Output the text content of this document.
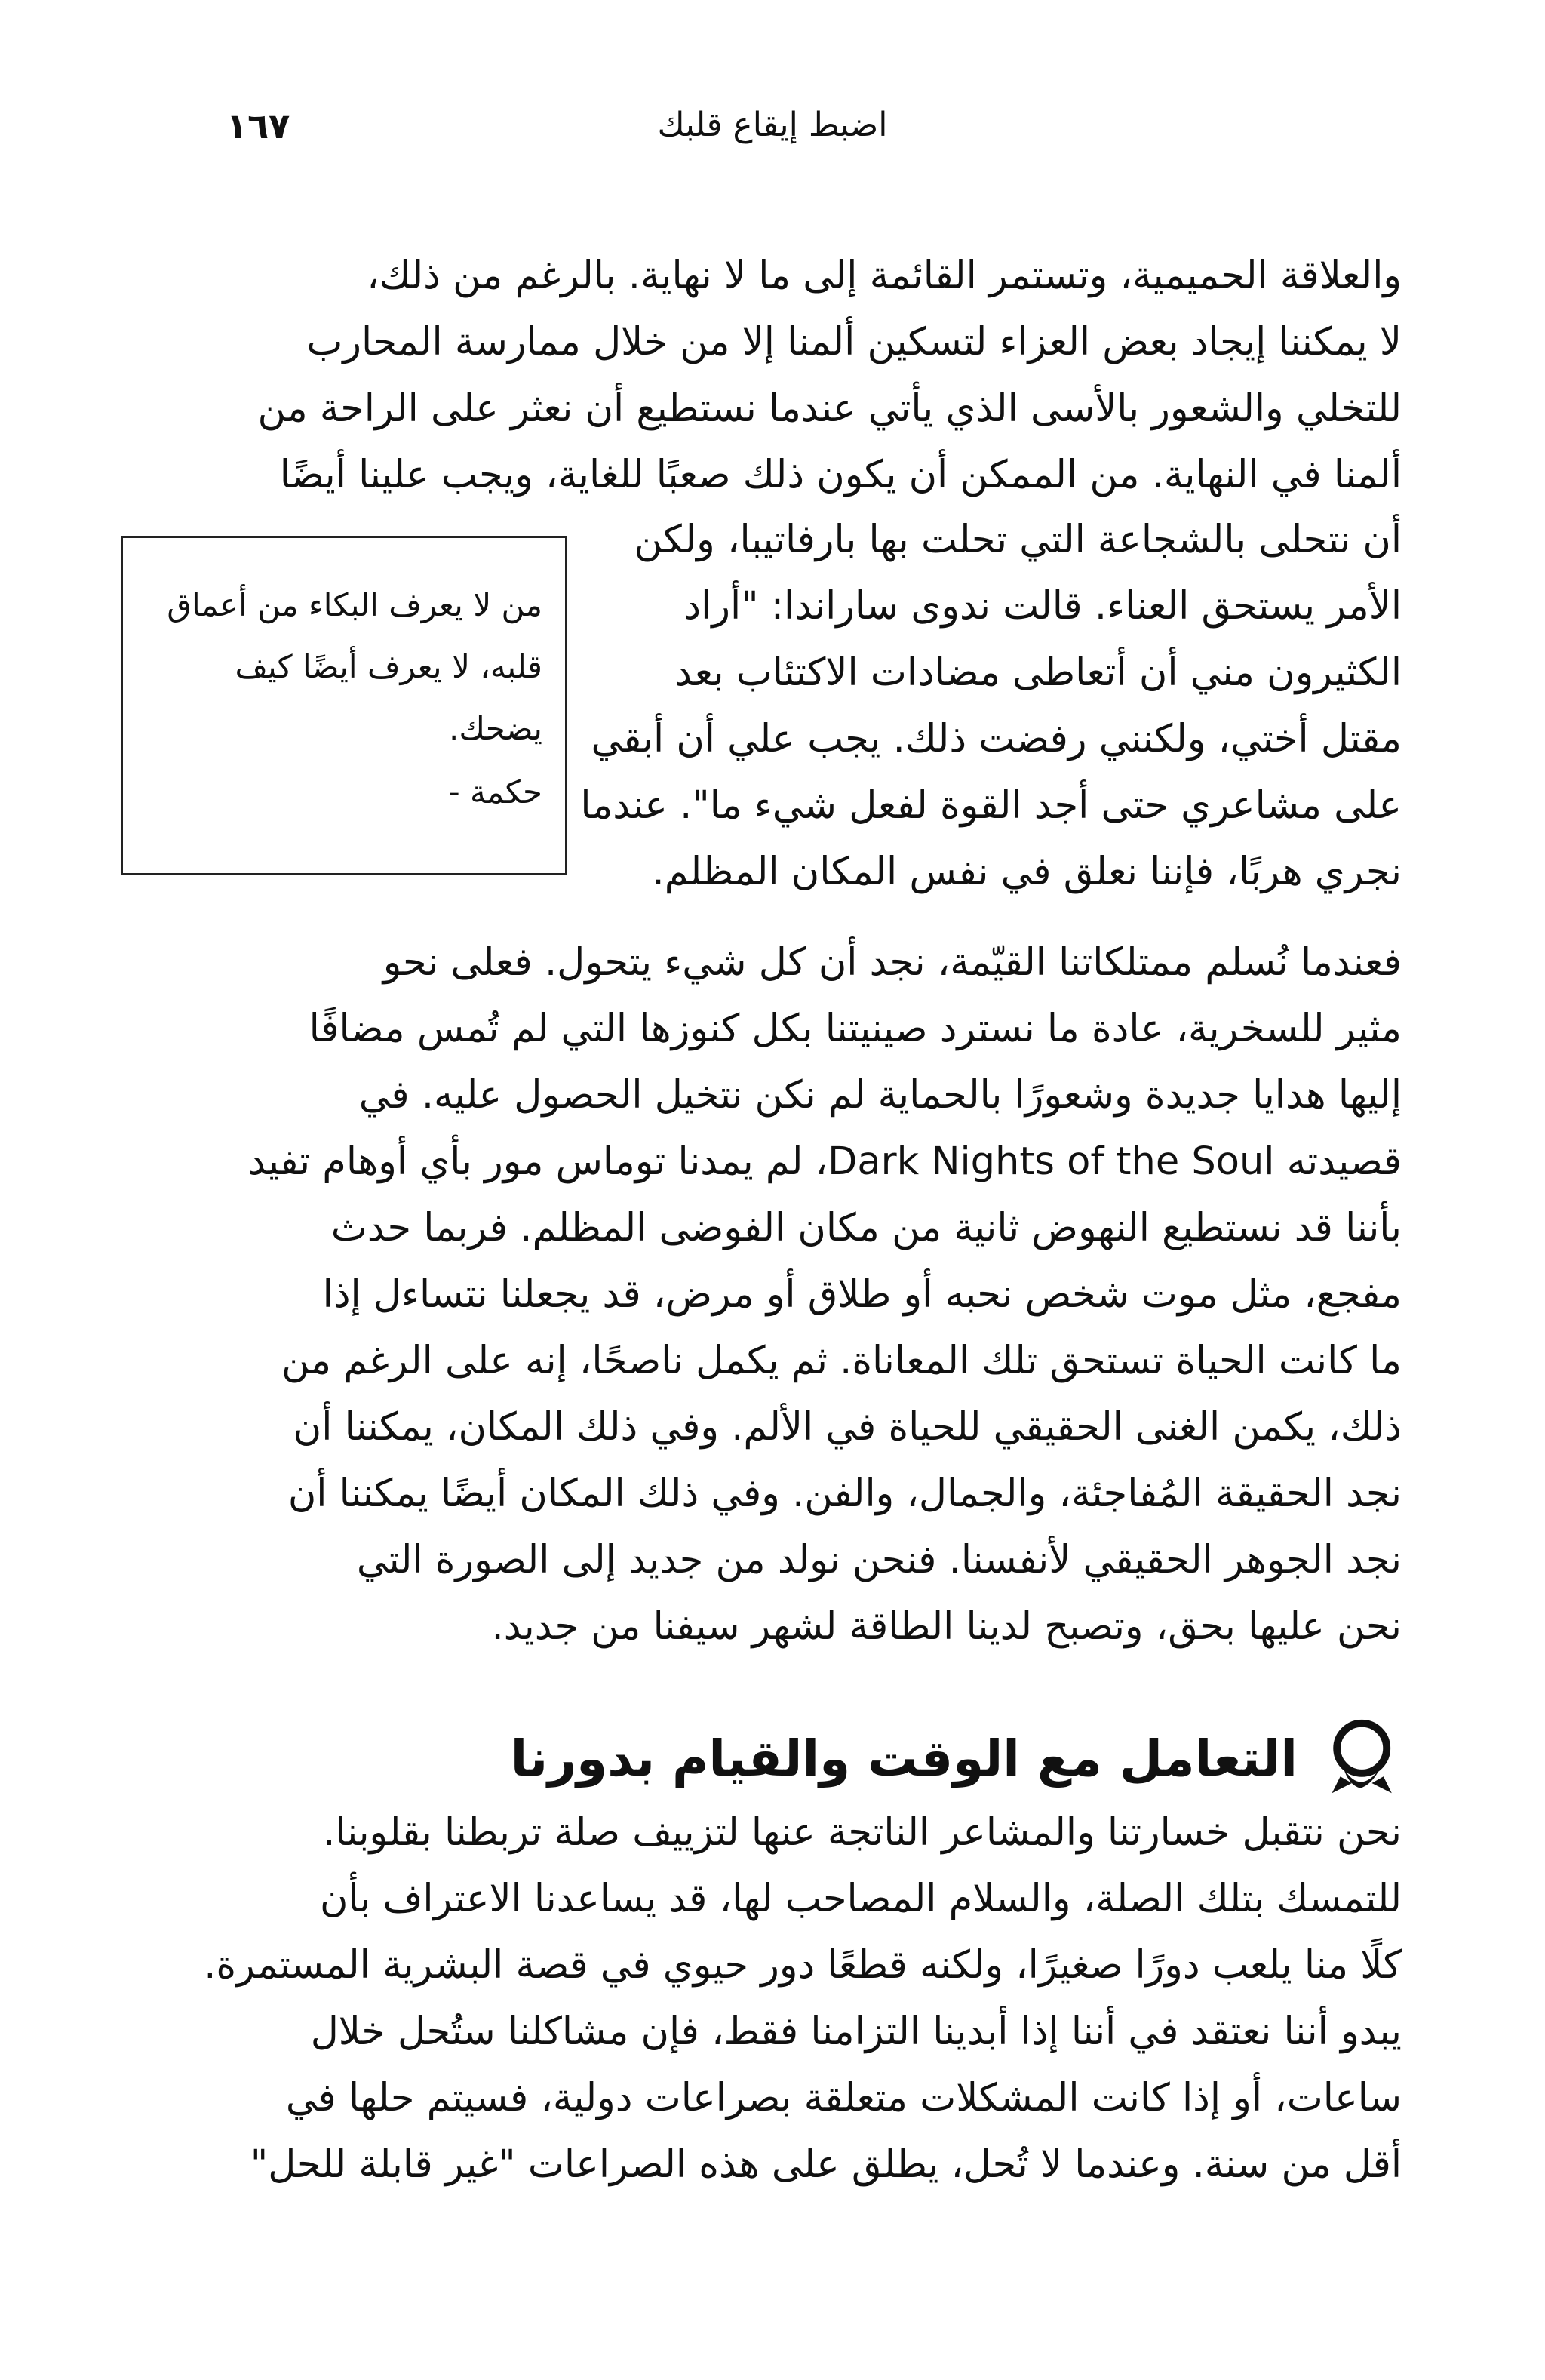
١٦٧	اضبط إيقاع قلبك

والعلاقة الحميمية، وتستمر القائمة إلى ما لا نهاية. بالرغم من ذلك،
لا يمكننا إيجاد بعض العزاء لتسكين ألمنا إلا من خلال ممارسة المحارب
للتخلي والشعور بالأسى الذي يأتي عندما نستطيع أن نعثر على الراحة من
ألمنا في النهاية. من الممكن أن يكون ذلك صعبًا للغاية، ويجب علينا أيضًا

أن نتحلى بالشجاعة التي تحلت بها بارفاتيبا، ولكن
الأمر يستحق العناء. قالت ندوى ساراندا: "أراد
الكثيرون مني أن أتعاطى مضادات الاكتئاب بعد
مقتل أختي، ولكنني رفضت ذلك. يجب علي أن أبقي
على مشاعري حتى أجد القوة لفعل شيء ما". عندما
نجري هربًا، فإننا نعلق في نفس المكان المظلم.

من لا يعرف البكاء من أعماق قلبه، لا يعرف أيضًا كيف يضحك.
حكمة -

فعندما نُسلم ممتلكاتنا القيّمة، نجد أن كل شيء يتحول. فعلى نحو
مثير للسخرية، عادة ما نسترد صينيتنا بكل كنوزها التي لم تُمس مضافًا
إليها هدايا جديدة وشعورًا بالحماية لم نكن نتخيل الحصول عليه. في
قصيدته Dark Nights of the Soul، لم يمدنا توماس مور بأي أوهام تفيد
بأننا قد نستطيع النهوض ثانية من مكان الفوضى المظلم. فربما حدث
مفجع، مثل موت شخص نحبه أو طلاق أو مرض، قد يجعلنا نتساءل إذا
ما كانت الحياة تستحق تلك المعاناة. ثم يكمل ناصحًا، إنه على الرغم من
ذلك، يكمن الغنى الحقيقي للحياة في الألم. وفي ذلك المكان، يمكننا أن
نجد الحقيقة المُفاجئة، والجمال، والفن. وفي ذلك المكان أيضًا يمكننا أن
نجد الجوهر الحقيقي لأنفسنا. فنحن نولد من جديد إلى الصورة التي
نحن عليها بحق، وتصبح لدينا الطاقة لشهر سيفنا من جديد.

التعامل مع الوقت والقيام بدورنا

نحن نتقبل خسارتنا والمشاعر الناتجة عنها لتزييف صلة تربطنا بقلوبنا.
للتمسك بتلك الصلة، والسلام المصاحب لها، قد يساعدنا الاعتراف بأن
كلًا منا يلعب دورًا صغيرًا، ولكنه قطعًا دور حيوي في قصة البشرية المستمرة.
يبدو أننا نعتقد في أننا إذا أبدينا التزامنا فقط، فإن مشاكلنا ستُحل خلال
ساعات، أو إذا كانت المشكلات متعلقة بصراعات دولية، فسيتم حلها في
أقل من سنة. وعندما لا تُحل، يطلق على هذه الصراعات "غير قابلة للحل"
